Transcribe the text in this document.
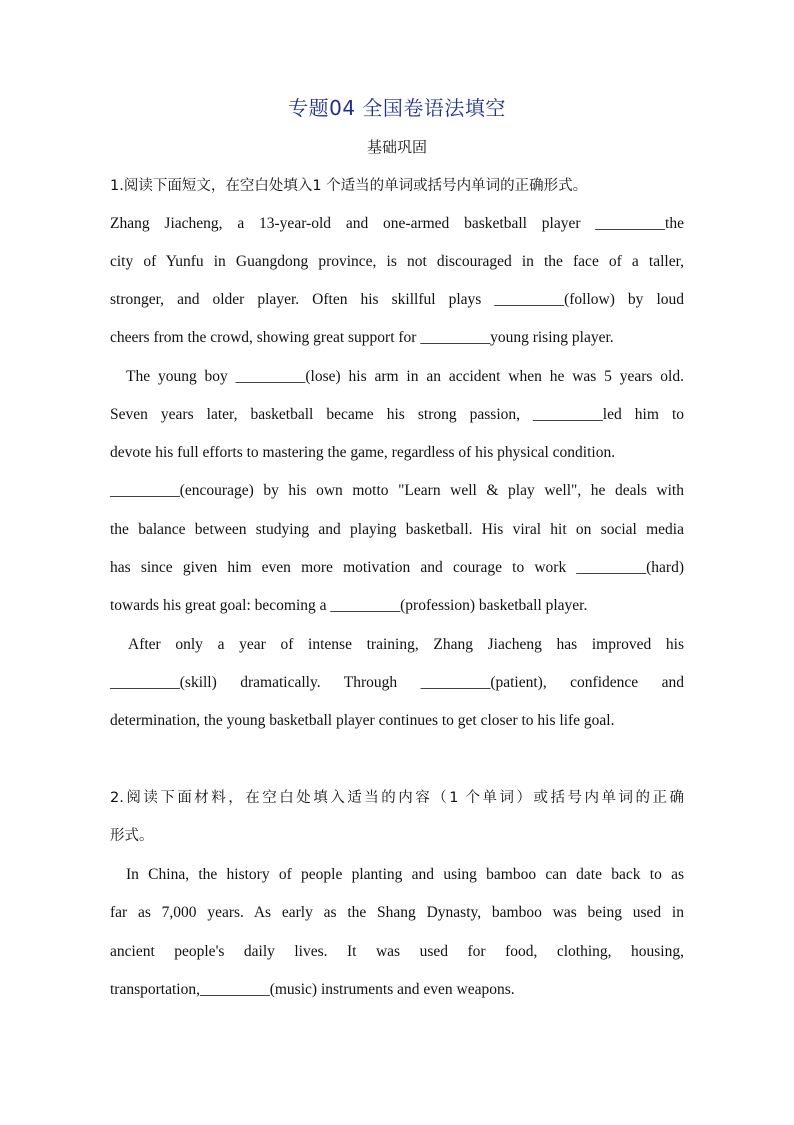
专题04 全国卷语法填空
基础巩固
1.阅读下面短文，在空白处填入1 个适当的单词或括号内单词的正确形式。
Zhang Jiacheng, a 13-year-old and one-armed basketball player _________the
city of Yunfu in Guangdong province, is not discouraged in the face of a taller,
stronger, and older player. Often his skillful plays _________(follow) by loud
cheers from the crowd, showing great support for _________young rising player.
The young boy _________(lose) his arm in an accident when he was 5 years old.
Seven years later, basketball became his strong passion, _________led him to
devote his full efforts to mastering the game, regardless of his physical condition.
_________(encourage) by his own motto "Learn well & play well", he deals with
the balance between studying and playing basketball. His viral hit on social media
has since given him even more motivation and courage to work _________(hard)
towards his great goal: becoming a _________(profession) basketball player.
After only a year of intense training, Zhang Jiacheng has improved his
_________(skill) dramatically. Through _________(patient), confidence and
determination, the young basketball player continues to get closer to his life goal.
2.阅读下面材料，在空白处填入适当的内容（1 个单词）或括号内单词的正确
形式。
In China, the history of people planting and using bamboo can date back to as
far as 7,000 years. As early as the Shang Dynasty, bamboo was being used in
ancient people's daily lives. It was used for food, clothing, housing,
transportation,_________(music) instruments and even weapons.
